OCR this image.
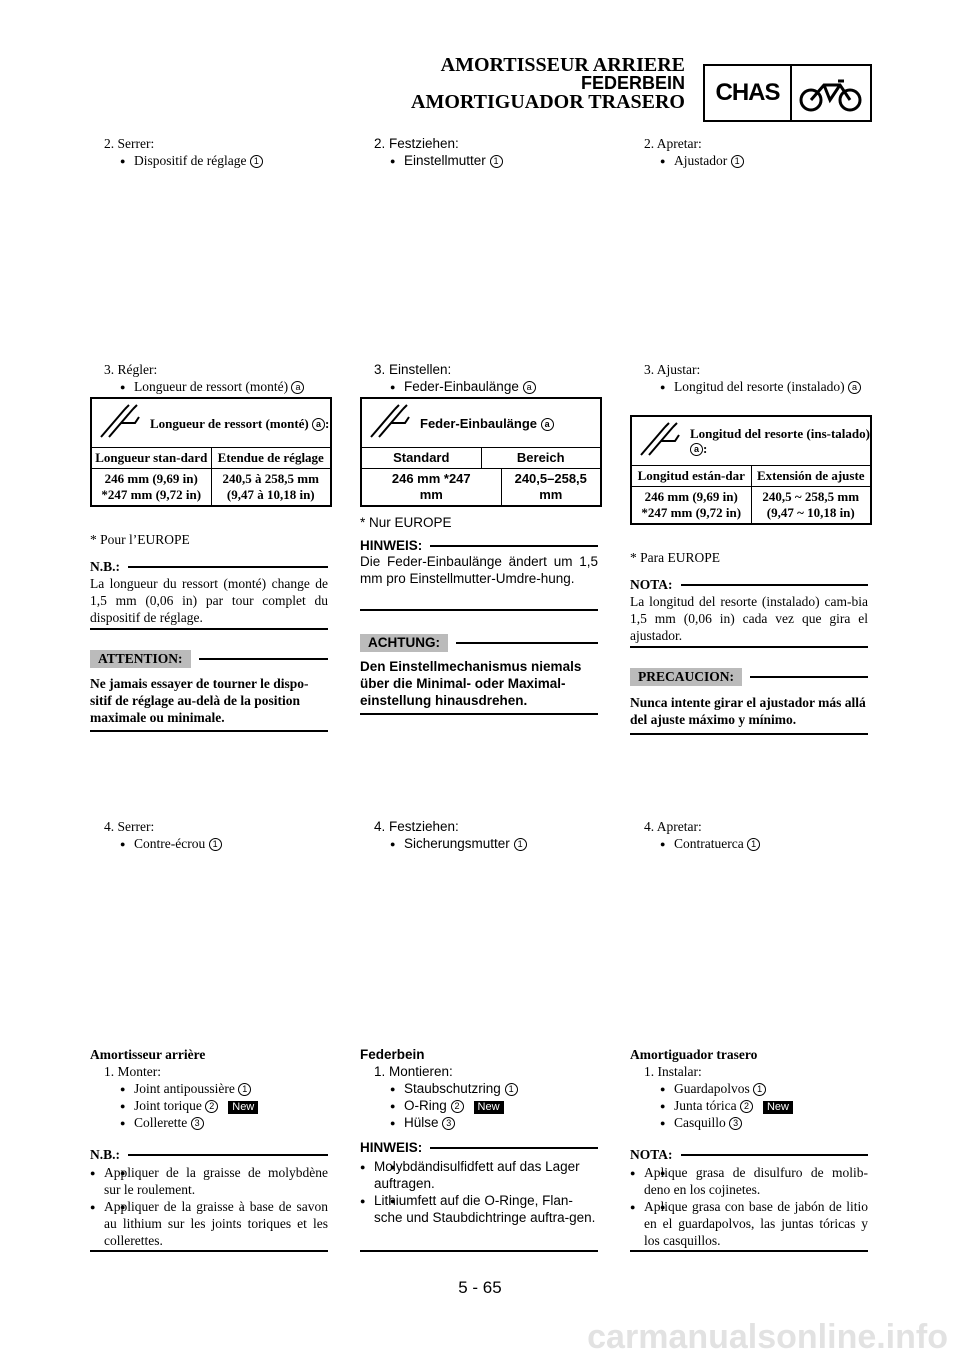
AMORTISSEUR ARRIERE
FEDERBEIN
AMORTIGUADOR TRASERO	CHAS
2. Serrer:
● Dispositif de réglage 1
3. Régler:
● Longueur de ressort (monté) a
Longueur de ressort (monté) a :
Longueur stan-dard Etendue de réglage
246 mm (9,69 in) *247 mm (9,72 in)
240,5 à 258,5 mm (9,47 à 10,18 in)
* Pour l’EUROPE
N.B.:
La longueur du ressort (monté) change de 1,5 mm (0,06 in) par tour complet du dispositif de réglage.
ATTENTION:
Ne jamais essayer de tourner le dispo-sitif de réglage au-delà de la position maximale ou minimale.
4. Serrer:
● Contre-écrou 1
Amortisseur arrière
1. Monter:
● Joint antipoussière 1
● Joint torique 2 New
● Collerette 3
N.B.:
● ● Appliquer de la graisse de molybdène sur le roulement.
● ● Appliquer de la graisse à base de savon au lithium sur les joints toriques et les collerettes.
2. Festziehen:
● Einstellmutter 1
3. Einstellen:
● Feder-Einbaulänge a
Feder-Einbaulänge a
Standard	Bereich
246 mm *247 mm
240,5–258,5 mm
* Nur EUROPE
HINWEIS:
Die Feder-Einbaulänge ändert um 1,5 mm pro Einstellmutter-Umdre-hung.
ACHTUNG:
Den Einstellmechanismus niemals über die Minimal- oder Maximal-einstellung hinausdrehen.
4. Festziehen:
● Sicherungsmutter 1
Federbein
1. Montieren:
● Staubschutzring 1
● O-Ring 2 New
● Hülse 3
HINWEIS:
● ● Molybdändisulfidfett auf das Lager auftragen.
● ● Lithiumfett auf die O-Ringe, Flan-sche und Staubdichtringe auftra-gen.
2. Apretar:
● Ajustador 1
3. Ajustar:
● Longitud del resorte (instalado) a
Longitud del resorte (ins-talado) a :
Longitud están-dar Extensión de ajuste
246 mm (9,69 in) *247 mm (9,72 in)
240,5 ~ 258,5 mm (9,47 ~ 10,18 in)
* Para EUROPE
NOTA:
La longitud del resorte (instalado) cam-bia 1,5 mm (0,06 in) cada vez que gira el ajustador.
PRECAUCION:
Nunca intente girar el ajustador más allá del ajuste máximo y mínimo.
4. Apretar:
● Contratuerca 1
Amortiguador trasero
1. Instalar:
● Guardapolvos 1
● Junta tórica 2 New
● Casquillo 3
NOTA:
● ● Aplique grasa de disulfuro de molib-deno en los cojinetes.
● ● Aplique grasa con base de jabón de litio en el guardapolvos, las juntas tóricas y los casquillos.
5 - 65
carmanualsonline.info
